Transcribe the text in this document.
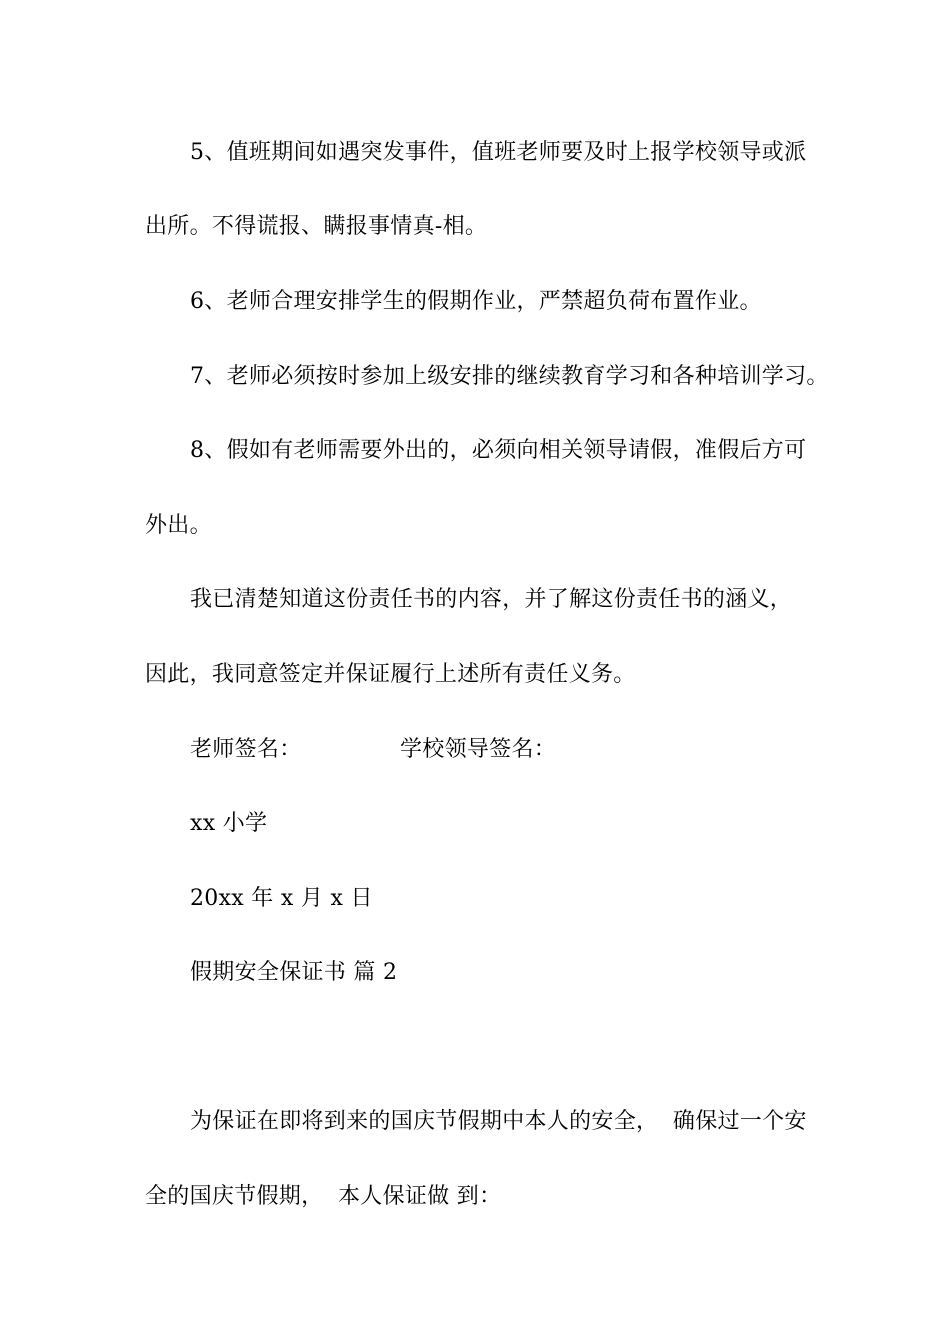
5、值班期间如遇突发事件，值班老师要及时上报学校领导或派
出所。不得谎报、瞒报事情真-相。
6、老师合理安排学生的假期作业，严禁超负荷布置作业。
7、老师必须按时参加上级安排的继续教育学习和各种培训学习。
8、假如有老师需要外出的，必须向相关领导请假，准假后方可
外出。
我已清楚知道这份责任书的内容，并了解这份责任书的涵义，
因此，我同意签定并保证履行上述所有责任义务。
老师签名：	学校领导签名：
xx 小学
20xx 年 x 月 x 日
假期安全保证书 篇 2
为保证在即将到来的国庆节假期中本人的安全，  确保过一个安
全的国庆节假期，  本人保证做 到：
